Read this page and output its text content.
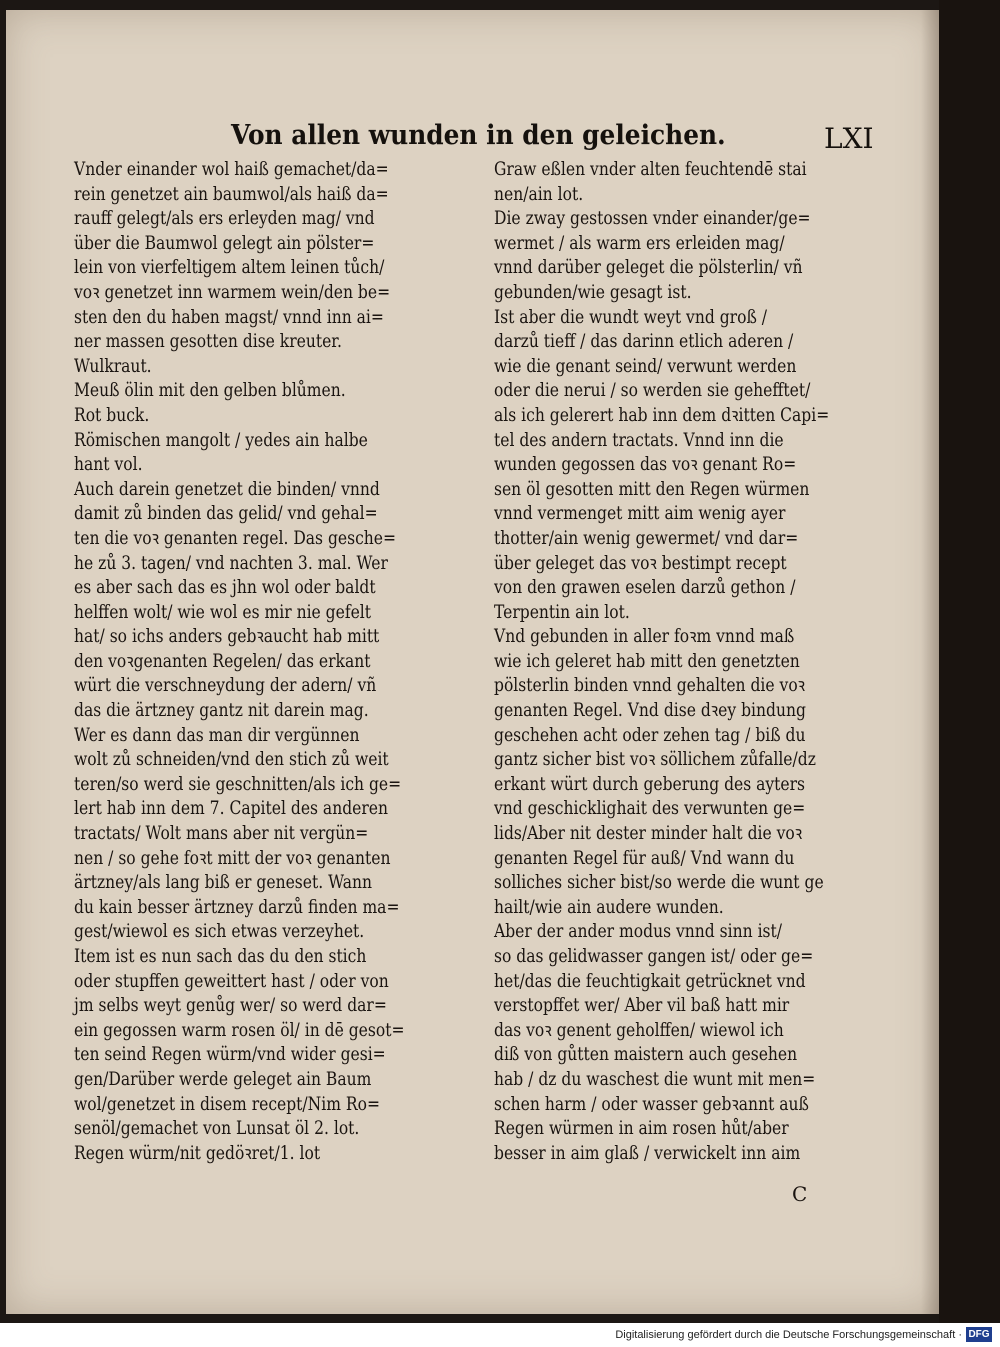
Von allen wunden in den geleichen.	LXI
Vnder einander wol haiß gemachet/da=
rein genetzet ain baumwol/als haiß da=
rauff gelegt/als ers erleyden mag/ vnd
über die Baumwol gelegt ain pölster=
lein von vierfeltigem altem leinen tůch/
voꝛ genetzet inn warmem wein/den be=
sten den du haben magst/ vnnd inn ai=
ner massen gesotten dise kreuter.
Wulkraut.
Meuß ölin mit den gelben blůmen.
Rot buck.
Römischen mangolt / yedes ain halbe
hant vol.
Auch darein genetzet die binden/ vnnd
damit zů binden das gelid/ vnd gehal=
ten die voꝛ genanten regel. Das gesche=
he zů 3. tagen/ vnd nachten 3. mal. Wer
es aber sach das es jhn wol oder baldt
helffen wolt/ wie wol es mir nie gefelt
hat/ so ichs anders gebꝛaucht hab mitt
den voꝛgenanten Regelen/ das erkant
würt die verschneydung der adern/ vñ
das die ärtzney gantz nit darein mag.
Wer es dann das man dir vergünnen
wolt zů schneiden/vnd den stich zů weit
teren/so werd sie geschnitten/als ich ge=
lert hab inn dem 7. Capitel des anderen
tractats/ Wolt mans aber nit vergün=
nen / so gehe foꝛt mitt der voꝛ genanten
ärtzney/als lang biß er geneset. Wann
du kain besser ärtzney darzů finden ma=
gest/wiewol es sich etwas verzeyhet.
Item ist es nun sach das du den stich
oder stupffen geweittert hast / oder von
jm selbs weyt genůg wer/ so werd dar=
ein gegossen warm rosen öl/ in dē gesot=
ten seind Regen würm/vnd wider gesi=
gen/Darüber werde geleget ain Baum
wol/genetzet in disem recept/Nim Ro=
senöl/gemachet von Lunsat öl 2. lot.
Regen würm/nit gedöꝛret/1. lot
Graw eßlen vnder alten feuchtendē stai
nen/ain lot.
Die zway gestossen vnder einander/ge=
wermet / als warm ers erleiden mag/
vnnd darüber geleget die pölsterlin/ vñ
gebunden/wie gesagt ist.
Ist aber die wundt weyt vnd groß /
darzů tieff / das darinn etlich aderen /
wie die genant seind/ verwunt werden
oder die nerui / so werden sie gehefftet/
als ich gelerert hab inn dem dꝛitten Capi=
tel des andern tractats. Vnnd inn die
wunden gegossen das voꝛ genant Ro=
sen öl gesotten mitt den Regen würmen
vnnd vermenget mitt aim wenig ayer
thotter/ain wenig gewermet/ vnd dar=
über geleget das voꝛ bestimpt recept
von den grawen eselen darzů gethon /
Terpentin ain lot.
Vnd gebunden in aller foꝛm vnnd maß
wie ich geleret hab mitt den genetzten
pölsterlin binden vnnd gehalten die voꝛ
genanten Regel. Vnd dise dꝛey bindung
geschehen acht oder zehen tag / biß du
gantz sicher bist voꝛ söllichem zůfalle/dz
erkant würt durch geberung des ayters
vnd geschicklighait des verwunten ge=
lids/Aber nit dester minder halt die voꝛ
genanten Regel für auß/ Vnd wann du
solliches sicher bist/so werde die wunt ge
hailt/wie ain audere wunden.
Aber der ander modus vnnd sinn ist/
so das gelidwasser gangen ist/ oder ge=
het/das die feuchtigkait getrücknet vnd
verstopffet wer/ Aber vil baß hatt mir
das voꝛ genent geholffen/ wiewol ich
diß von gůtten maistern auch gesehen
hab / dz du waschest die wunt mit men=
schen harm / oder wasser gebꝛannt auß
Regen würmen in aim rosen hůt/aber
besser in aim glaß / verwickelt inn aim
C
Digitalisierung gefördert durch die Deutsche Forschungsgemeinschaft · DFG
